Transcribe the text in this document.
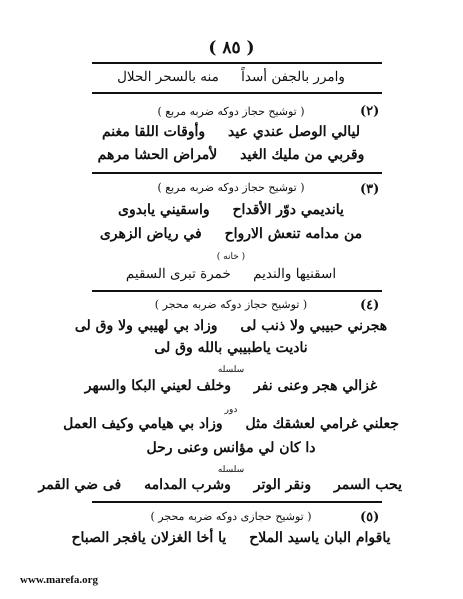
( ٨٥ )
وامرر بالجفن أسداً منه بالسحر الحلال
(٢)
( توشيح حجاز دوكه ضربه مربع )
ليالي الوصل عندي عيد وأوقات اللقا مغنم
وقربي من مليك الغيد لأمراض الحشا مرهم
(٣)
( توشيح حجاز دوكه ضربه مربع )
يانديمي دوّر الأقداح واسقيني يابدوى
من مدامه تنعش الارواح في رياض الزهرى
( خانه )
اسقنيها والنديم خمرة تبرى السقيم
(٤)
( توشيح حجاز دوكه ضربه محجر )
هجرني حبيبي ولا ذنب لى وزاد بي لهيبي ولا وق لى
ناديت ياطبيبي بالله وق لى
سلسله
غزالي هجر وعنى نفر وخلف لعيني البكا والسهر
دور
جعلني غرامي لعشقك مثل وزاد بي هيامي وكيف العمل
دا كان لي مؤانس وعنى رحل
سلسله
يحب السمر ونقر الوتر وشرب المدامه فى ضي القمر
(٥)
( توشيح حجازى دوكه ضربه محجر )
ياقوام البان ياسيد الملاح يا أخا الغزلان يافجر الصباح
www.marefa.org
